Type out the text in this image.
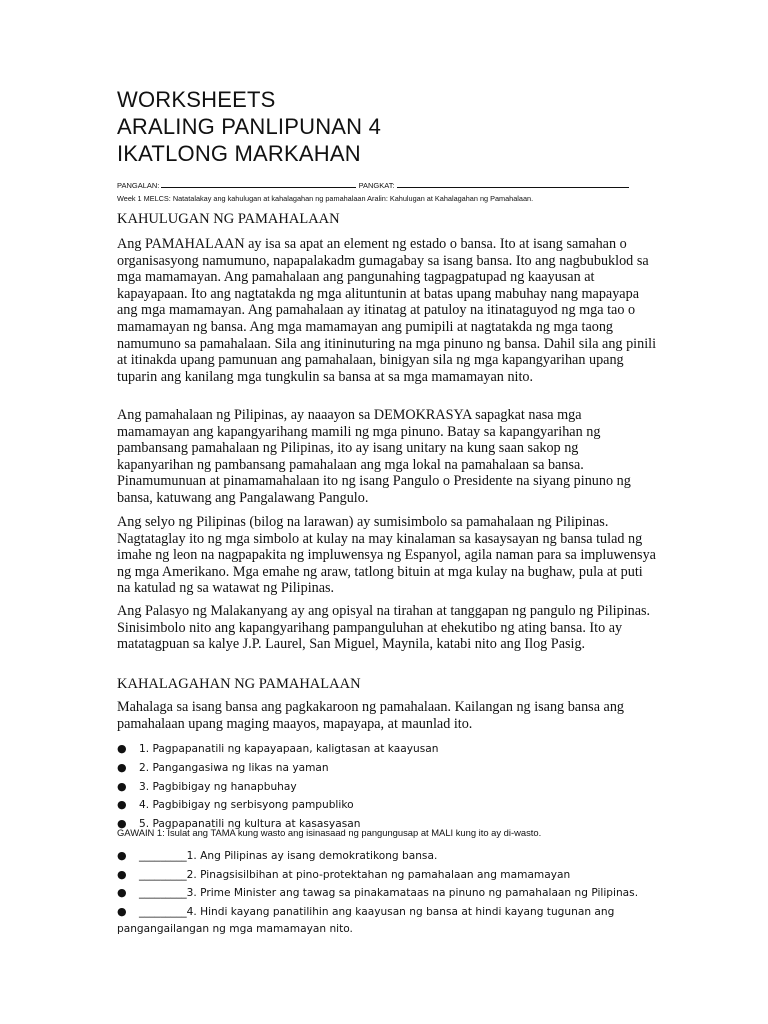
WORKSHEETS

ARALING PANLIPUNAN 4

IKATLONG MARKAHAN

PANGALAN:	PANGKAT:
Week 1 MELCS: Natatalakay ang kahulugan at kahalagahan ng pamahalaan Aralin: Kahulugan at Kahalagahan ng Pamahalaan.

KAHULUGAN NG PAMAHALAAN

Ang PAMAHALAAN ay isa sa apat an element ng estado o bansa. Ito at isang samahan o organisasyong namumuno, napapalakadm gumagabay sa isang bansa. Ito ang nagbubuklod sa mga mamamayan. Ang pamahalaan ang pangunahing tagpagpatupad ng kaayusan at kapayapaan. Ito ang nagtatakda ng mga alituntunin at batas upang mabuhay nang mapayapa ang mga mamamayan. Ang pamahalaan ay itinatag at patuloy na itinataguyod ng mga tao o mamamayan ng bansa. Ang mga mamamayan ang pumipili at nagtatakda ng mga taong namumuno sa pamahalaan. Sila ang itininuturing na mga pinuno ng bansa. Dahil sila ang pinili at itinakda upang pamunuan ang pamahalaan, binigyan sila ng mga kapangyarihan upang tuparin ang kanilang mga tungkulin sa bansa at sa mga mamamayan nito.

Ang pamahalaan ng Pilipinas, ay naaayon sa DEMOKRASYA sapagkat nasa mga mamamayan ang kapangyarihang mamili ng mga pinuno. Batay sa kapangyarihan ng pambansang pamahalaan ng Pilipinas, ito ay isang unitary na kung saan sakop ng kapanyarihan ng pambansang pamahalaan ang mga lokal na pamahalaan sa bansa. Pinamumunuan at pinamamahalaan ito ng isang Pangulo o Presidente na siyang pinuno ng bansa, katuwang ang Pangalawang Pangulo.

Ang selyo ng Pilipinas (bilog na larawan) ay sumisimbolo sa pamahalaan ng Pilipinas. Nagtataglay ito ng mga simbolo at kulay na may kinalaman sa kasaysayan ng bansa tulad ng imahe ng leon na nagpapakita ng impluwensya ng Espanyol, agila naman para sa impluwensya ng mga Amerikano. Mga emahe ng araw, tatlong bituin at mga kulay na bughaw, pula at puti na katulad ng sa watawat ng Pilipinas.

Ang Palasyo ng Malakanyang ay ang opisyal na tirahan at tanggapan ng pangulo ng Pilipinas. Sinisimbolo nito ang kapangyarihang pampanguluhan at ehekutibo ng ating bansa. Ito ay matatagpuan sa kalye J.P. Laurel, San Miguel, Maynila, katabi nito ang Ilog Pasig.

KAHALAGAHAN NG PAMAHALAAN

Mahalaga sa isang bansa ang pagkakaroon ng pamahalaan. Kailangan ng isang bansa ang pamahalaan upang maging maayos, mapayapa, at maunlad ito.

● 1. Pagpapanatili ng kapayapaan, kaligtasan at kaayusan
● 2. Pangangasiwa ng likas na yaman
● 3. Pagbibigay ng hanapbuhay
● 4. Pagbibigay ng serbisyong pampubliko
● 5. Pagpapanatili ng kultura at kasasyasan
GAWAIN 1: Isulat ang TAMA kung wasto ang isinasaad ng pangungusap at MALI kung ito ay di-wasto.
● _________1. Ang Pilipinas ay isang demokratikong bansa.
● _________2. Pinagsisilbihan at pino-protektahan ng pamahalaan ang mamamayan
● _________3. Prime Minister ang tawag sa pinakamataas na pinuno ng pamahalaan ng Pilipinas.
● _________4. Hindi kayang panatilihin ang kaayusan ng bansa at hindi kayang tugunan ang
pangangailangan ng mga mamamayan nito.
